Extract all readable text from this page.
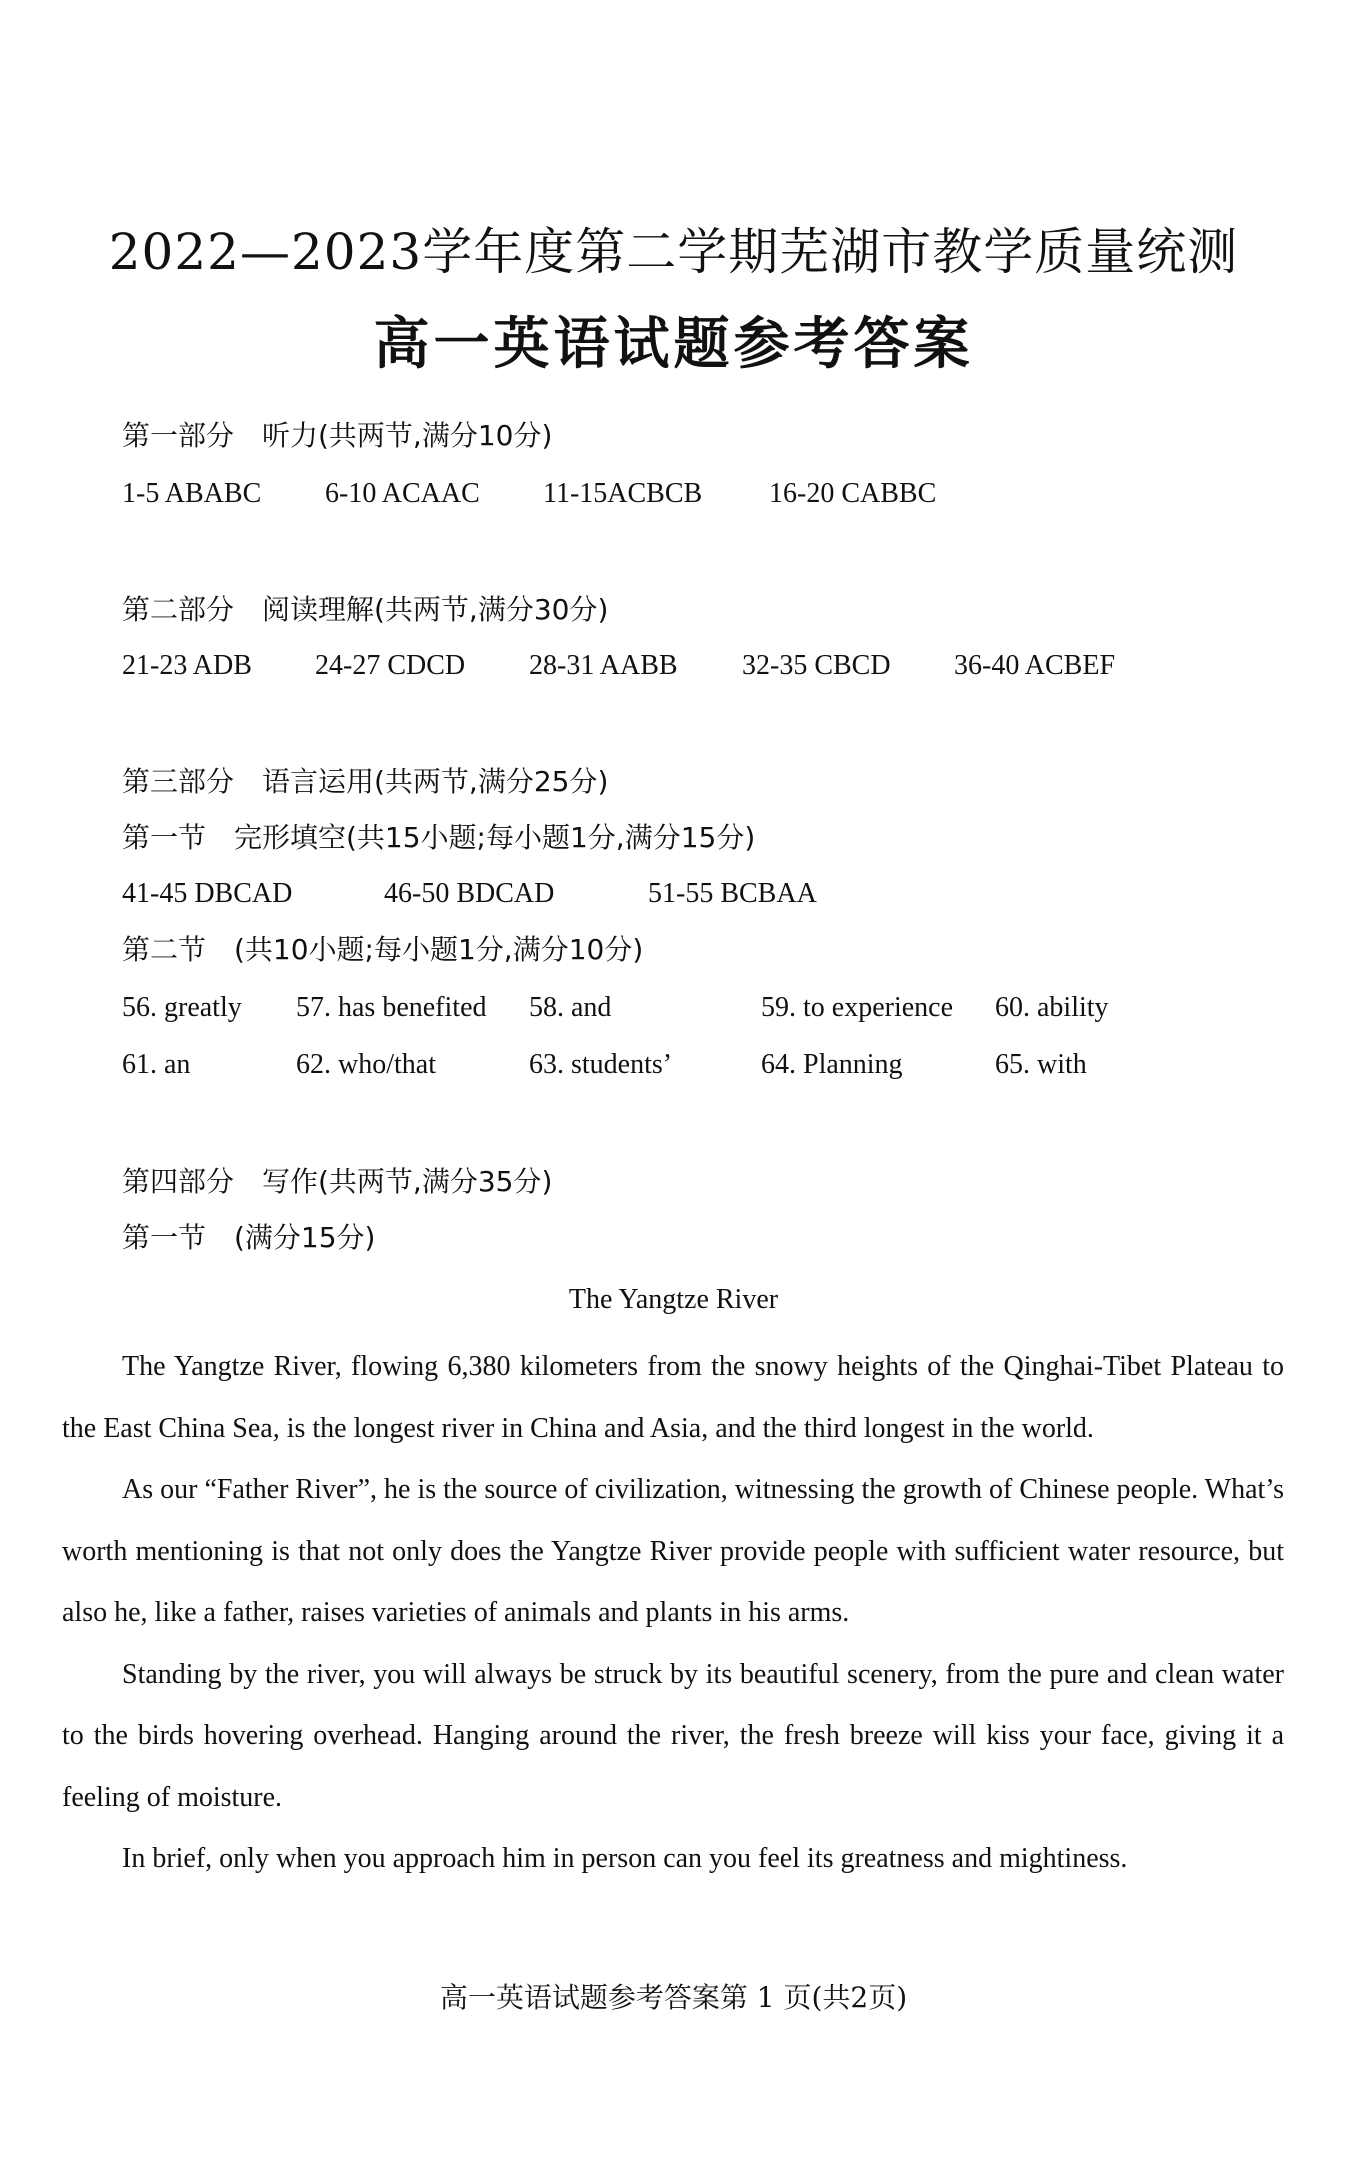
2022—2023学年度第二学期芜湖市教学质量统测
高一英语试题参考答案
第一部分　听力(共两节,满分10分)
1-5 ABABC 6-10 ACAAC 11-15ACBCB 16-20 CABBC
第二部分　阅读理解(共两节,满分30分)
21-23 ADB 24-27 CDCD 28-31 AABB 32-35 CBCD 36-40 ACBEF
第三部分　语言运用(共两节,满分25分)
第一节　完形填空(共15小题;每小题1分,满分15分)
41-45 DBCAD	46-50 BDCAD	51-55 BCBAA
第二节　(共10小题;每小题1分,满分10分)
56. greatly 57. has benefited 58. and	59. to experience 60. ability
61. an	62. who/that	63. students’	64. Planning	65. with
第四部分　写作(共两节,满分35分)
第一节　(满分15分)
The Yangtze River

The Yangtze River, flowing 6,380 kilometers from the snowy heights of the Qinghai-Tibet Plateau to the East China Sea, is the longest river in China and Asia, and the third longest in the world.

As our “Father River”, he is the source of civilization, witnessing the growth of Chinese people. What’s worth mentioning is that not only does the Yangtze River provide people with sufficient water resource, but also he, like a father, raises varieties of animals and plants in his arms.

Standing by the river, you will always be struck by its beautiful scenery, from the pure and clean water to the birds hovering overhead. Hanging around the river, the fresh breeze will kiss your face, giving it a feeling of moisture.

In brief, only when you approach him in person can you feel its greatness and mightiness.

高一英语试题参考答案第 1 页(共2页)
